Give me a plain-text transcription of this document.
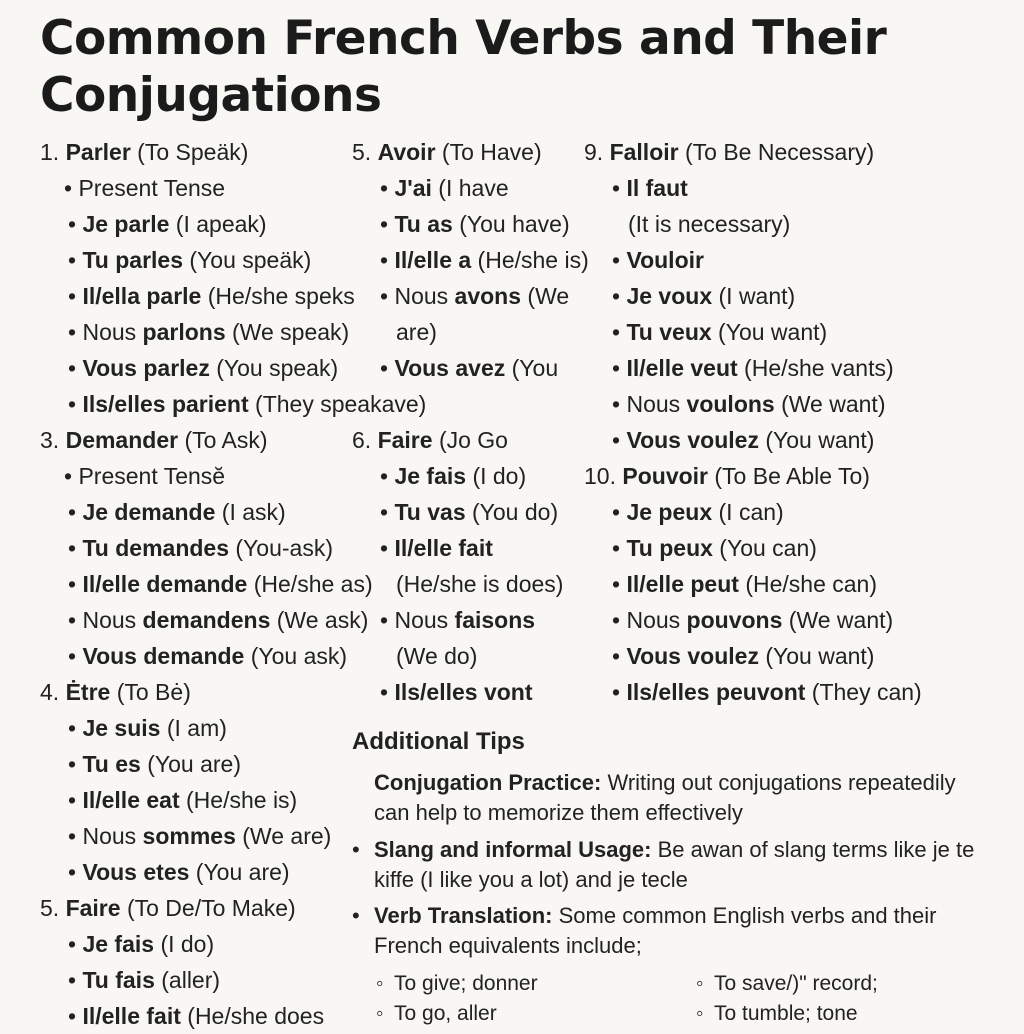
Common French Verbs and Their Conjugations
1. Parler (To Speäk)
• Present Tense
• Je parle (I apeak)
• Tu parles (You speäk)
• Il/ella parle (He/she speks
• Nous parlons (We speak)
• Vous parlez (You speak)
• Ils/elles parient (They speakave)
3. Demander (To Ask)
• Present Tensĕ
• Je demande (I ask)
• Tu demandes (You-ask)
• Il/elle demande (He/she as)
• Nous demandens (We ask)
• Vous demande (You ask)
4. Ėtre (To Bė)
• Je suis (I am)
• Tu es (You are)
• Il/elle eat (He/she is)
• Nous sommes (We are)
• Vous etes (You are)
5. Faire (To De/To Make)
• Je fais (I do)
• Tu fais (aller)
• Il/elle fait (He/she does
5. Avoir (To Have)
• J'ai (I have
• Tu as (You have)
• Il/elle a (He/she is)
• Nous avons (We
are)
• Vous avez (You
6. Faire (Jo Go
• Je fais (I do)
• Tu vas (You do)
• Il/elle fait
(He/she is does)
• Nous faisons
(We do)
• Ils/elles vont
9. Falloir (To Be Necessary)
• Il faut
(It is necessary)
• Vouloir
• Je voux (I want)
• Tu veux (You want)
• Il/elle veut (He/she vants)
• Nous voulons (We want)
• Vous voulez (You want)
10. Pouvoir (To Be Able To)
• Je peux (I can)
• Tu peux (You can)
• Il/elle peut (He/she can)
• Nous pouvons (We want)
• Vous voulez (You want)
• Ils/elles peuvont (They can)
Additional Tips
Conjugation Practice: Writing out conjugations repeatedily can help to memorize them effectively
• Slang and informal Usage: Be awan of slang terms like je te kiffe (I like you a lot) and je tecle
• Verb Translation: Some common English verbs and their French equivalents include;
◦ To give; donner	◦ To save/)" record;
◦ To go, aller	◦ To tumble; tone
